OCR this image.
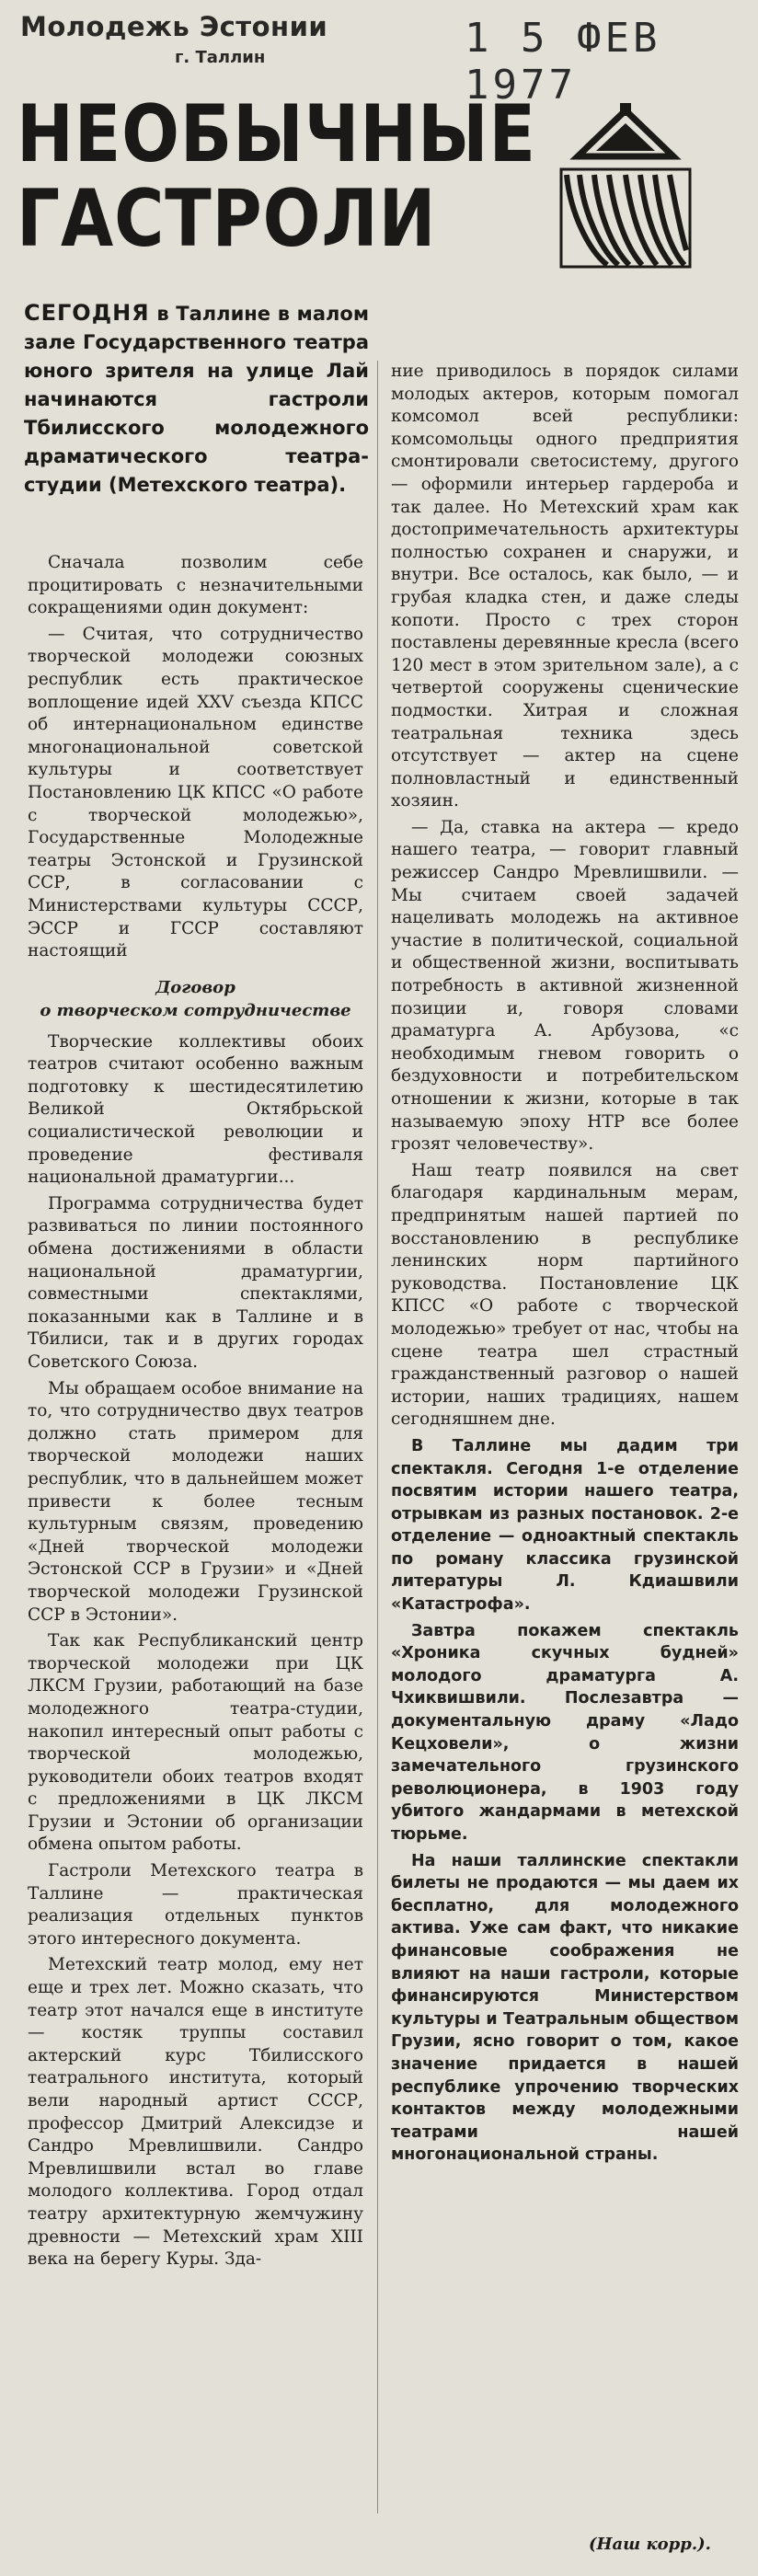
Молодежь Эстонии
г. Таллин	1 5 ФЕВ 1977
НЕОБЫЧНЫЕ
ГАСТРОЛИ
СЕГОДНЯ в Таллине в малом зале Государственного театра юного зрителя на улице Лай начинаются гастроли Тбилисского молодежного драматического театра-студии (Метехского театра).

Сначала позволим себе процитировать с незначительными сокращениями один документ:

— Считая, что сотрудничество творческой молодежи союзных республик есть практическое воплощение идей XXV съезда КПСС об интернациональном единстве многонациональной советской культуры и соответствует Постановлению ЦК КПСС «О работе с творческой молодежью», Государственные Молодежные театры Эстонской и Грузинской ССР, в согласовании с Министерствами культуры СССР, ЭССР и ГССР составляют настоящий

Договор
о творческом сотрудничестве

Творческие коллективы обоих театров считают особенно важным подготовку к шестидесятилетию Великой Октябрьской социалистической революции и проведение фестиваля национальной драматургии...

Программа сотрудничества будет развиваться по линии постоянного обмена достижениями в области национальной драматургии, совместными спектаклями, показанными как в Таллине и в Тбилиси, так и в других городах Советского Союза.

Мы обращаем особое внимание на то, что сотрудничество двух театров должно стать примером для творческой молодежи наших республик, что в дальнейшем может привести к более тесным культурным связям, проведению «Дней творческой молодежи Эстонской ССР в Грузии» и «Дней творческой молодежи Грузинской ССР в Эстонии».

Так как Республиканский центр творческой молодежи при ЦК ЛКСМ Грузии, работающий на базе молодежного театра-студии, накопил интересный опыт работы с творческой молодежью, руководители обоих театров входят с предложениями в ЦК ЛКСМ Грузии и Эстонии об организации обмена опытом работы.

Гастроли Метехского театра в Таллине — практическая реализация отдельных пунктов этого интересного документа.

Метехский театр молод, ему нет еще и трех лет. Можно сказать, что театр этот начался еще в институте — костяк труппы составил актерский курс Тбилисского театрального института, который вели народный артист СССР, профессор Дмитрий Алексидзе и Сандро Мревлишвили. Сандро Мревлишвили встал во главе молодого коллектива. Город отдал театру архитектурную жемчужину древности — Метехский храм XIII века на берегу Куры. Зда-

ние приводилось в порядок силами молодых актеров, которым помогал комсомол всей республики: комсомольцы одного предприятия смонтировали светосистему, другого — оформили интерьер гардероба и так далее. Но Метехский храм как достопримечательность архитектуры полностью сохранен и снаружи, и внутри. Все осталось, как было, — и грубая кладка стен, и даже следы копоти. Просто с трех сторон поставлены деревянные кресла (всего 120 мест в этом зрительном зале), а с четвертой сооружены сценические подмостки. Хитрая и сложная театральная техника здесь отсутствует — актер на сцене полновластный и единственный хозяин.

— Да, ставка на актера — кредо нашего театра, — говорит главный режиссер Сандро Мревлишвили. — Мы считаем своей задачей нацеливать молодежь на активное участие в политической, социальной и общественной жизни, воспитывать потребность в активной жизненной позиции и, говоря словами драматурга А. Арбузова, «с необходимым гневом говорить о бездуховности и потребительском отношении к жизни, которые в так называемую эпоху НТР все более грозят человечеству».

Наш театр появился на свет благодаря кардинальным мерам, предпринятым нашей партией по восстановлению в республике ленинских норм партийного руководства. Постановление ЦК КПСС «О работе с творческой молодежью» требует от нас, чтобы на сцене театра шел страстный гражданственный разговор о нашей истории, наших традициях, нашем сегодняшнем дне.

В Таллине мы дадим три спектакля. Сегодня 1-е отделение посвятим истории нашего театра, отрывкам из разных постановок. 2-е отделение — одноактный спектакль по роману классика грузинской литературы Л. Кдиашвили «Катастрофа».

Завтра покажем спектакль «Хроника скучных будней» молодого драматурга А. Чхиквишвили. Послезавтра — документальную драму «Ладо Кецховели», о жизни замечательного грузинского революционера, в 1903 году убитого жандармами в метехской тюрьме.

На наши таллинские спектакли билеты не продаются — мы даем их бесплатно, для молодежного актива. Уже сам факт, что никакие финансовые соображения не влияют на наши гастроли, которые финансируются Министерством культуры и Театральным обществом Грузии, ясно говорит о том, какое значение придается в нашей республике упрочению творческих контактов между молодежными театрами нашей многонациональной страны.

(Наш корр.).
